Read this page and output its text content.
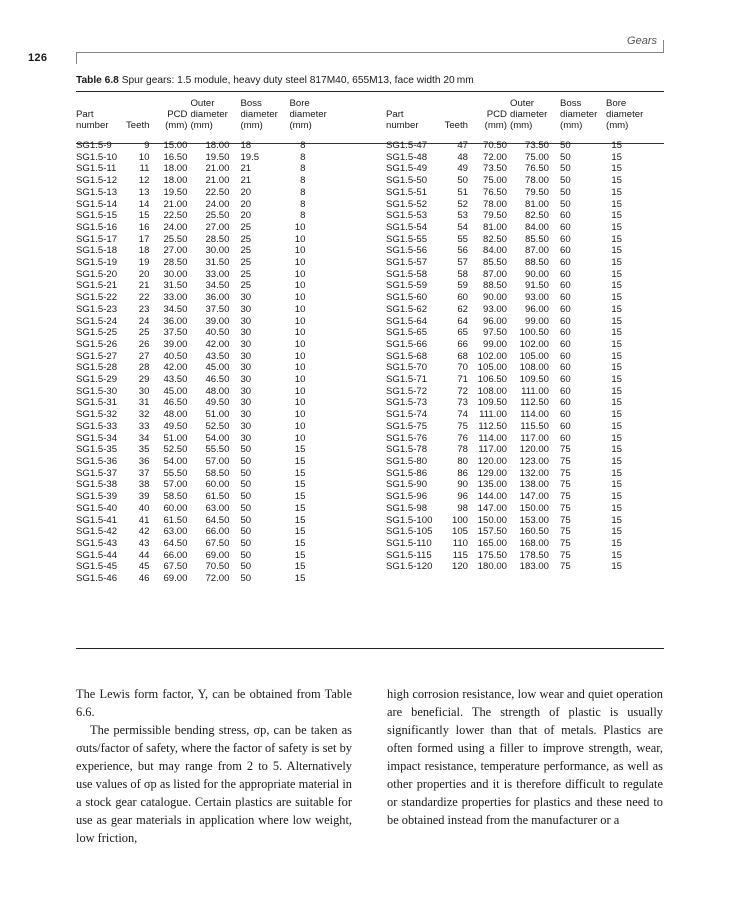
126
Gears
Table 6.8 Spur gears: 1.5 module, heavy duty steel 817M40, 655M13, face width 20 mm
			Outer	Boss	Bore
Part		PCD	diameter	diameter	diameter
number	Teeth	(mm)	(mm)	(mm)	(mm)

SG1.5-9	9	15.00	18.00	18	8
SG1.5-10	10	16.50	19.50	19.5	8
SG1.5-11	11	18.00	21.00	21	8
SG1.5-12	12	18.00	21.00	21	8
SG1.5-13	13	19.50	22.50	20	8
SG1.5-14	14	21.00	24.00	20	8
SG1.5-15	15	22.50	25.50	20	8
SG1.5-16	16	24.00	27.00	25	10
SG1.5-17	17	25.50	28.50	25	10
SG1.5-18	18	27.00	30.00	25	10
SG1.5-19	19	28.50	31.50	25	10
SG1.5-20	20	30.00	33.00	25	10
SG1.5-21	21	31.50	34.50	25	10
SG1.5-22	22	33.00	36.00	30	10
SG1.5-23	23	34.50	37.50	30	10
SG1.5-24	24	36.00	39.00	30	10
SG1.5-25	25	37.50	40.50	30	10
SG1.5-26	26	39.00	42.00	30	10
SG1.5-27	27	40.50	43.50	30	10
SG1.5-28	28	42.00	45.00	30	10
SG1.5-29	29	43.50	46.50	30	10
SG1.5-30	30	45.00	48.00	30	10
SG1.5-31	31	46.50	49.50	30	10
SG1.5-32	32	48.00	51.00	30	10
SG1.5-33	33	49.50	52.50	30	10
SG1.5-34	34	51.00	54.00	30	10
SG1.5-35	35	52.50	55.50	50	15
SG1.5-36	36	54.00	57.00	50	15
SG1.5-37	37	55.50	58.50	50	15
SG1.5-38	38	57.00	60.00	50	15
SG1.5-39	39	58.50	61.50	50	15
SG1.5-40	40	60.00	63.00	50	15
SG1.5-41	41	61.50	64.50	50	15
SG1.5-42	42	63.00	66.00	50	15
SG1.5-43	43	64.50	67.50	50	15
SG1.5-44	44	66.00	69.00	50	15
SG1.5-45	45	67.50	70.50	50	15
SG1.5-46	46	69.00	72.00	50	15
			Outer	Boss	Bore
Part		PCD	diameter	diameter	diameter
number	Teeth	(mm)	(mm)	(mm)	(mm)

SG1.5-47	47	70.50	73.50	50	15
SG1.5-48	48	72.00	75.00	50	15
SG1.5-49	49	73.50	76.50	50	15
SG1.5-50	50	75.00	78.00	50	15
SG1.5-51	51	76.50	79.50	50	15
SG1.5-52	52	78.00	81.00	50	15
SG1.5-53	53	79.50	82.50	60	15
SG1.5-54	54	81.00	84.00	60	15
SG1.5-55	55	82.50	85.50	60	15
SG1.5-56	56	84.00	87.00	60	15
SG1.5-57	57	85.50	88.50	60	15
SG1.5-58	58	87.00	90.00	60	15
SG1.5-59	59	88.50	91.50	60	15
SG1.5-60	60	90.00	93.00	60	15
SG1.5-62	62	93.00	96.00	60	15
SG1.5-64	64	96.00	99.00	60	15
SG1.5-65	65	97.50	100.50	60	15
SG1.5-66	66	99.00	102.00	60	15
SG1.5-68	68	102.00	105.00	60	15
SG1.5-70	70	105.00	108.00	60	15
SG1.5-71	71	106.50	109.50	60	15
SG1.5-72	72	108.00	111.00	60	15
SG1.5-73	73	109.50	112.50	60	15
SG1.5-74	74	111.00	114.00	60	15
SG1.5-75	75	112.50	115.50	60	15
SG1.5-76	76	114.00	117.00	60	15
SG1.5-78	78	117.00	120.00	75	15
SG1.5-80	80	120.00	123.00	75	15
SG1.5-86	86	129.00	132.00	75	15
SG1.5-90	90	135.00	138.00	75	15
SG1.5-96	96	144.00	147.00	75	15
SG1.5-98	98	147.00	150.00	75	15
SG1.5-100	100	150.00	153.00	75	15
SG1.5-105	105	157.50	160.50	75	15
SG1.5-110	110	165.00	168.00	75	15
SG1.5-115	115	175.50	178.50	75	15
SG1.5-120	120	180.00	183.00	75	15

The Lewis form factor, Y, can be obtained from Table 6.6.

The permissible bending stress, σp, can be taken as σuts/factor of safety, where the factor of safety is set by experience, but may range from 2 to 5. Alternatively use values of σp as listed for the appropriate material in a stock gear catalogue. Certain plastics are suitable for use as gear materials in application where low weight, low friction,

high corrosion resistance, low wear and quiet operation are beneficial. The strength of plastic is usually significantly lower than that of metals. Plastics are often formed using a filler to improve strength, wear, impact resistance, temperature performance, as well as other properties and it is therefore difficult to regulate or standardize properties for plastics and these need to be obtained instead from the manufacturer or a
